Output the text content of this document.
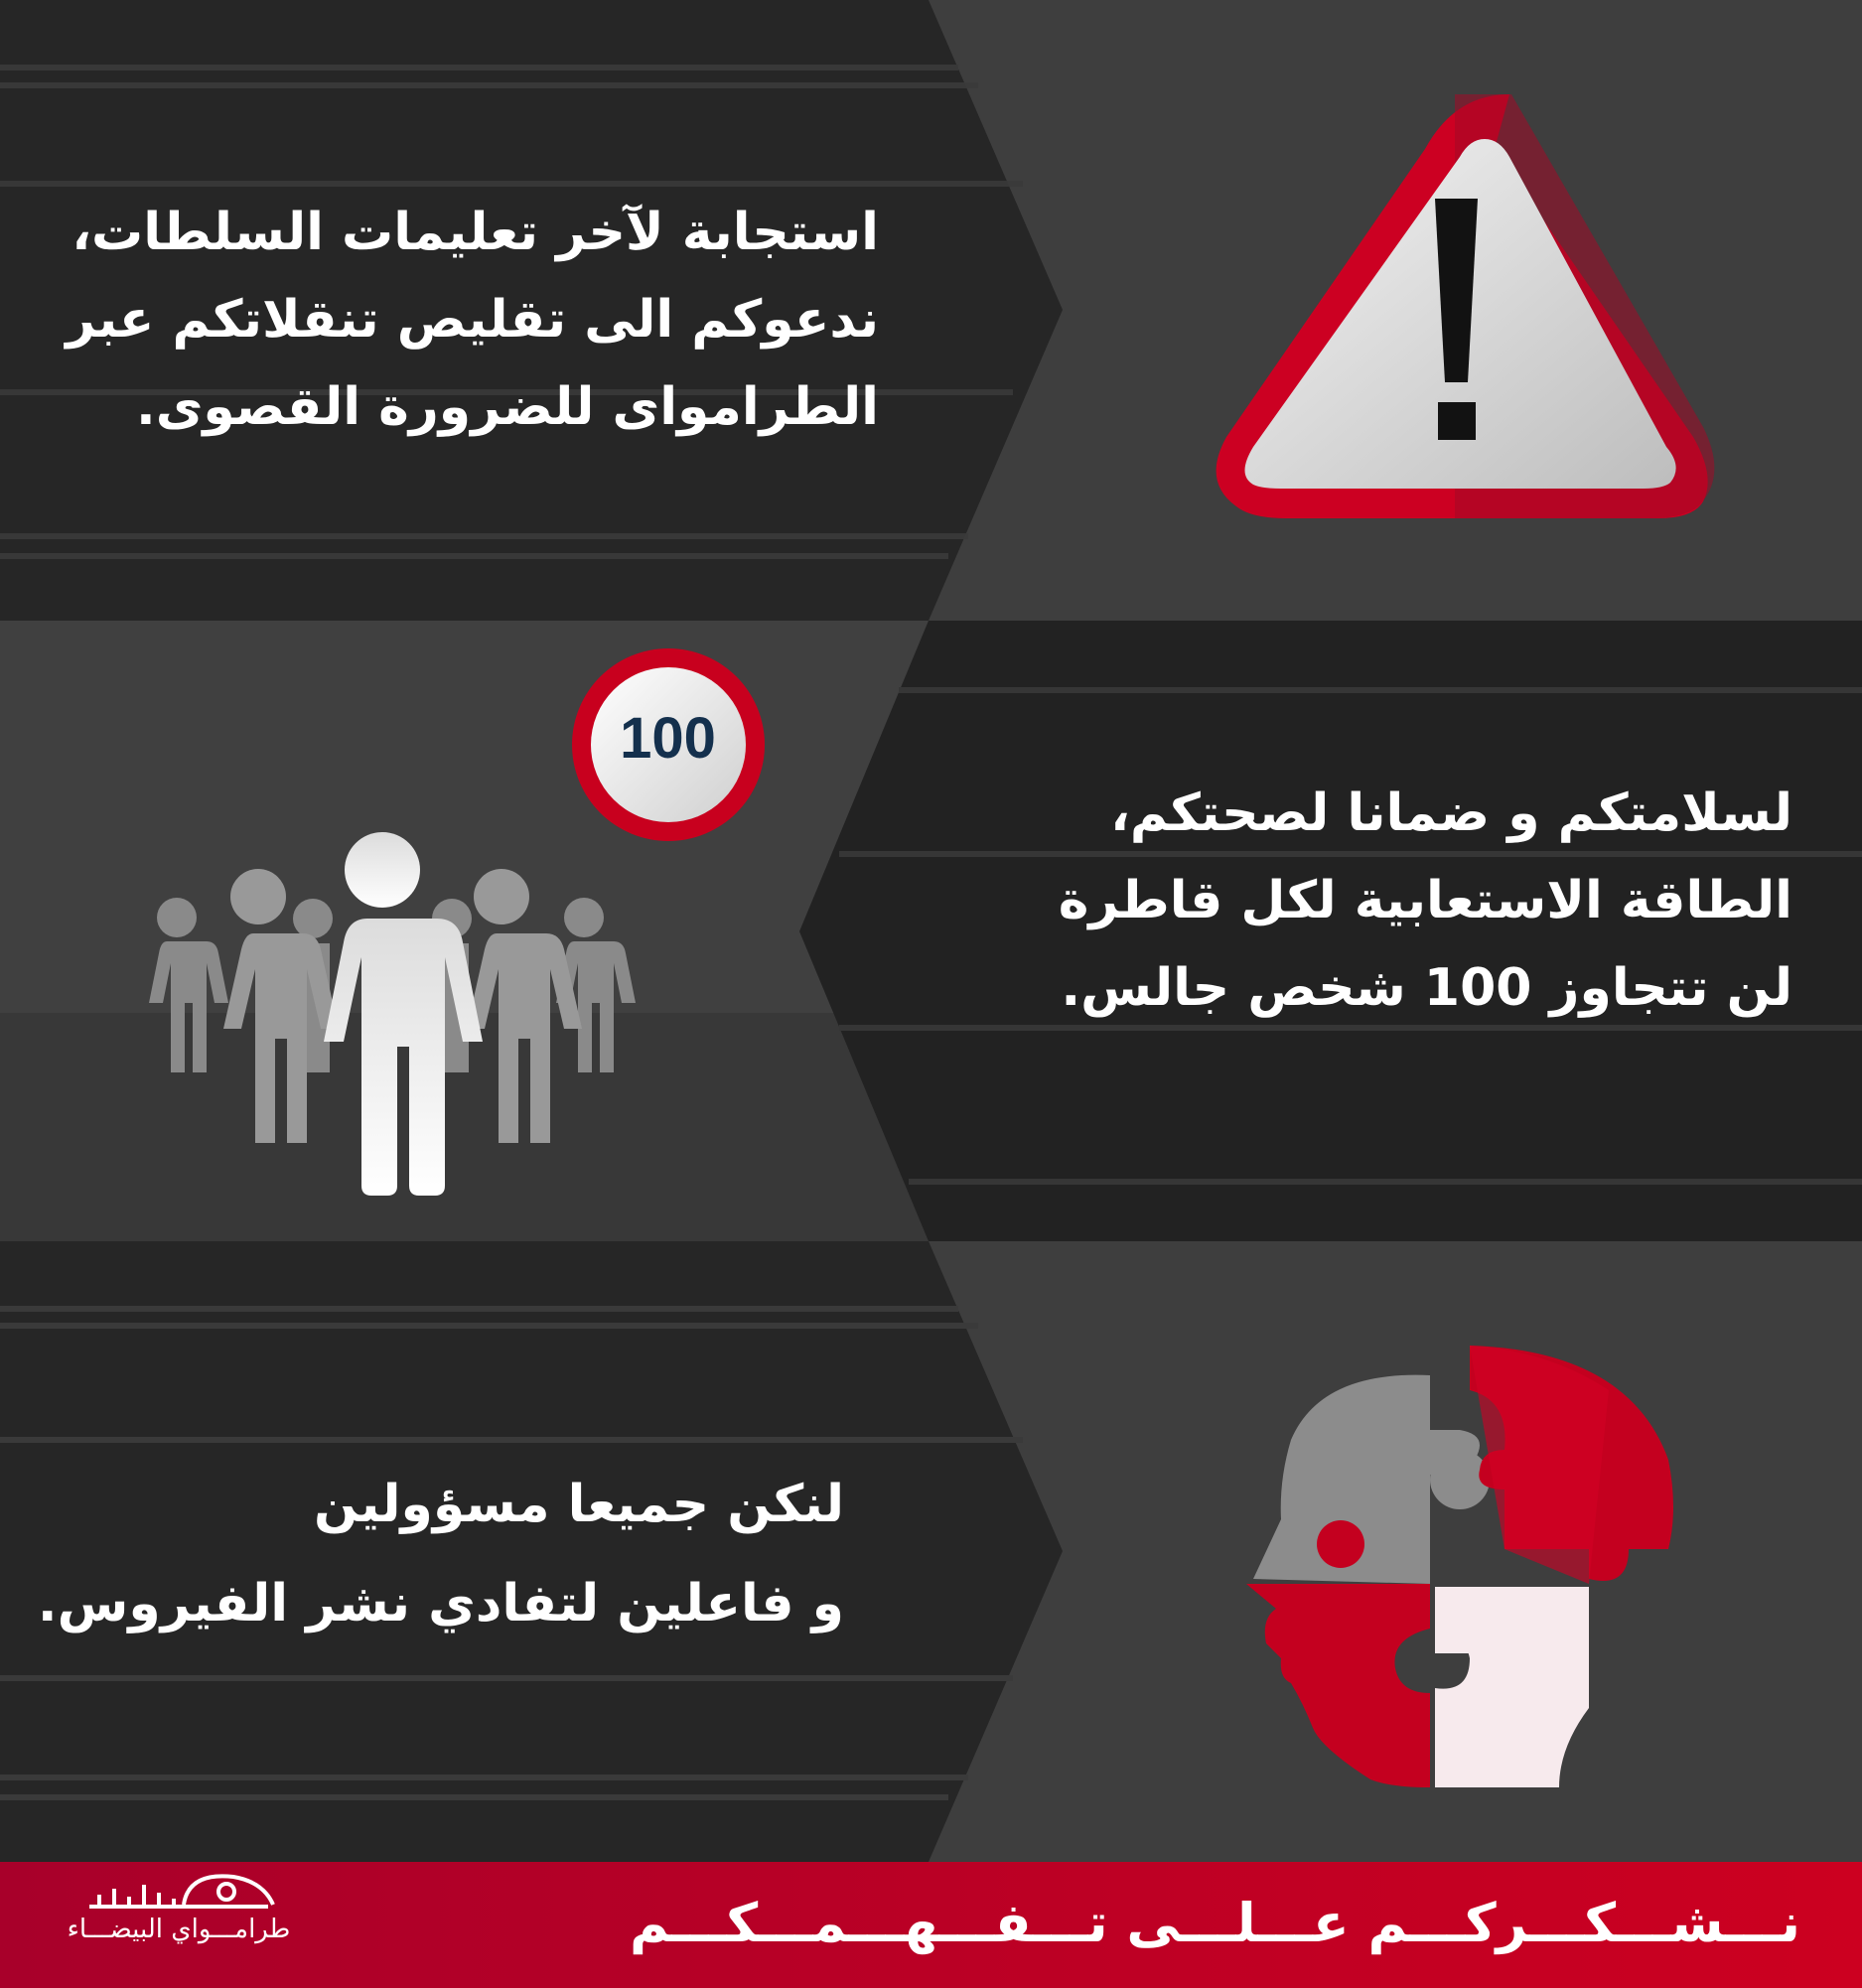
استجابة لآخر تعليمات السلطات،
ندعوكم الى تقليص تنقلاتكم عبر
الطراموای للضرورة القصوى.
لسلامتكم و ضمانا لصحتكم،
الطاقة الاستعابية لكل قاطرة
لن تتجاوز 100 شخص جالس.
100
لنكن جميعا مسؤولين
و فاعلين لتفادي نشر الفيروس.
نـــشـــكـــركـــم عـــلـــى تـــفـــهـــمـــكـــم
طرامـــواي البيضـــاء
